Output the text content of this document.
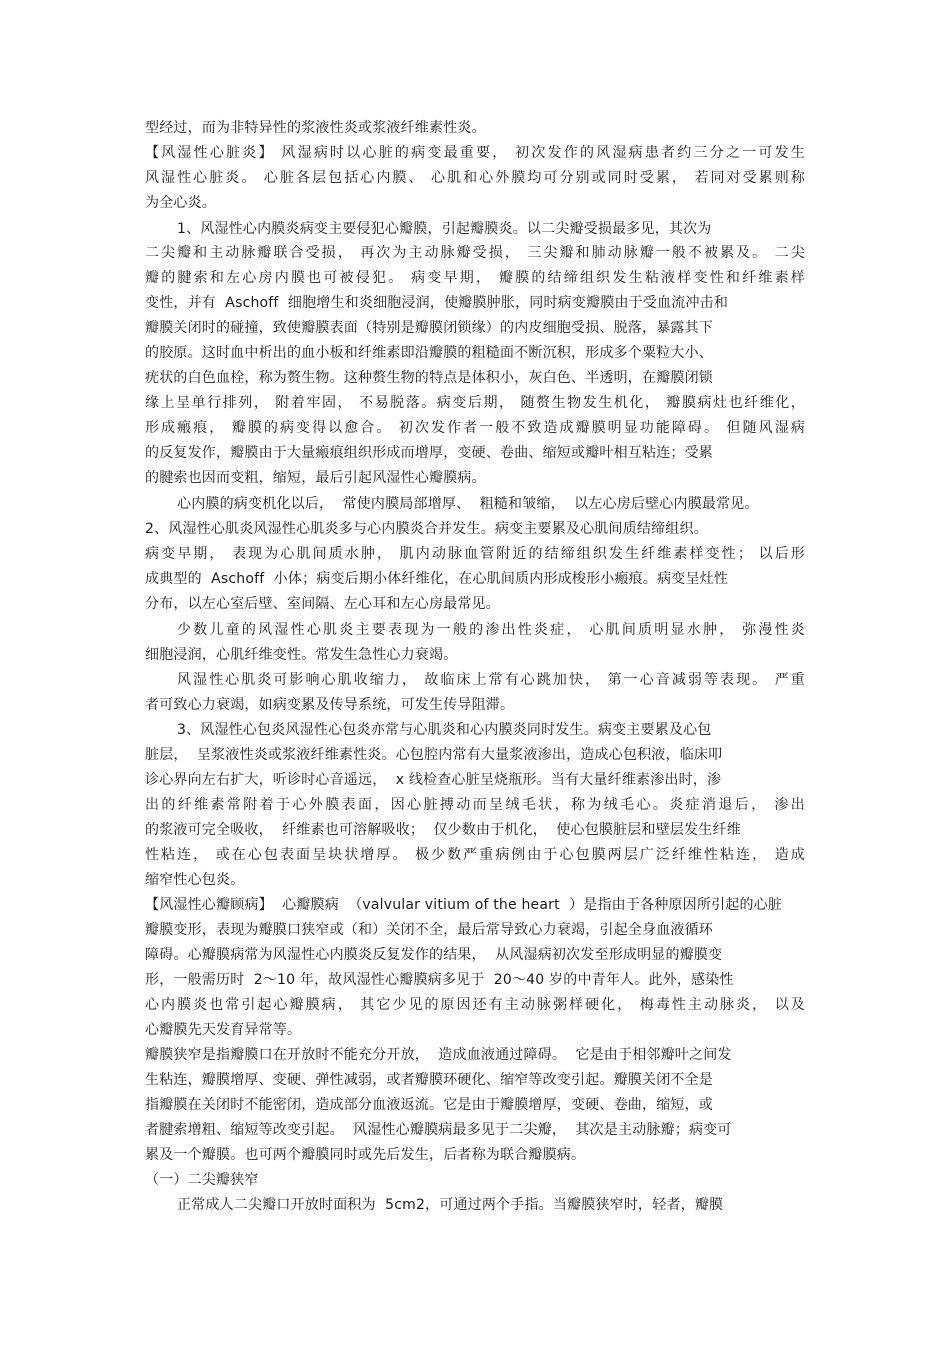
型经过，而为非特异性的浆液性炎或浆液纤维素性炎。
【风湿性心脏炎】 风湿病时以心脏的病变最重要， 初次发作的风湿病患者约三分之一可发生
风湿性心脏炎。 心脏各层包括心内膜、 心肌和心外膜均可分别或同时受累， 若同对受累则称
为全心炎。
1、风湿性心内膜炎病变主要侵犯心瓣膜，引起瓣膜炎。以二尖瓣受损最多见，其次为
二尖瓣和主动脉瓣联合受损， 再次为主动脉瓣受损， 三尖瓣和肺动脉瓣一般不被累及。 二尖
瓣的腱索和左心房内膜也可被侵犯。 病变早期， 瓣膜的结缔组织发生粘液样变性和纤维素样
变性，并有  Aschoff  细胞增生和炎细胞浸润，使瓣膜肿胀，同时病变瓣膜由于受血流冲击和
瓣膜关闭时的碰撞，致使瓣膜表面（特别是瓣膜闭锁缘）的内皮细胞受损、脱落，暴露其下
的胶原。这时血中析出的血小板和纤维素即沿瓣膜的粗糙面不断沉积，形成多个粟粒大小、
疣状的白色血栓，称为赘生物。这种赘生物的特点是体积小，灰白色、半透明，在瓣膜闭锁
缘上呈单行排列， 附着牢固， 不易脱落。病变后期， 随赘生物发生机化， 瓣膜病灶也纤维化，
形成瘢痕， 瓣膜的病变得以愈合。 初次发作者一般不致造成瓣膜明显功能障碍。 但随风湿病
的反复发作，瓣膜由于大量瘢痕组织形成而增厚，变硬、卷曲、缩短或瓣叶相互粘连；受累
的腱索也因而变粗，缩短，最后引起风湿性心瓣膜病。
心内膜的病变机化以后，  常使内膜局部增厚、  粗糙和皱缩，  以左心房后壁心内膜最常见。
2、风湿性心肌炎风湿性心肌炎多与心内膜炎合并发生。病变主要累及心肌间质结缔组织。
病变早期， 表现为心肌间质水肿， 肌内动脉血管附近的结缔组织发生纤维素样变性； 以后形
成典型的  Aschoff  小体；病变后期小体纤维化，在心肌间质内形成梭形小瘢痕。病变呈灶性
分布，以左心室后壁、室间隔、左心耳和左心房最常见。
少数儿童的风湿性心肌炎主要表现为一般的渗出性炎症， 心肌间质明显水肿， 弥漫性炎
细胞浸润，心肌纤维变性。常发生急性心力衰竭。
风湿性心肌炎可影响心肌收缩力， 故临床上常有心跳加快， 第一心音减弱等表现。 严重
者可致心力衰竭，如病变累及传导系统，可发生传导阻滞。
3、风湿性心包炎风湿性心包炎亦常与心肌炎和心内膜炎同时发生。病变主要累及心包
脏层，  呈浆液性炎或浆液纤维素性炎。心包腔内常有大量浆液渗出，造成心包积液，临床叩
诊心界向左右扩大，听诊时心音遥远，  x 线检查心脏呈烧瓶形。当有大量纤维素渗出时，渗
出的纤维素常附着于心外膜表面，因心脏搏动而呈绒毛状，称为绒毛心。炎症消退后， 渗出
的浆液可完全吸收，  纤维素也可溶解吸收；  仅少数由于机化，  使心包膜脏层和壁层发生纤维
性粘连， 或在心包表面呈块状增厚。 极少数严重病例由于心包膜两层广泛纤维性粘连， 造成
缩窄性心包炎。
【风湿性心瓣顾病】  心瓣膜病  （valvular vitium of the heart  ）是指由于各种原因所引起的心脏
瓣膜变形，表现为瓣膜口狭窄或（和）关闭不全，最后常导致心力衰竭，引起全身血液循环
障碍。心瓣膜病常为风湿性心内膜炎反复发作的结果，  从风湿病初次发至形成明显的瓣膜变
形，一般需历时  2～10 年，故风湿性心瓣膜病多见于  20～40 岁的中青年人。此外，感染性
心内膜炎也常引起心瓣膜病， 其它少见的原因还有主动脉粥样硬化， 梅毒性主动脉炎， 以及
心瓣膜先天发育异常等。
瓣膜狭窄是指瓣膜口在开放时不能充分开放，  造成血液通过障碍。  它是由于相邻瓣叶之间发
生粘连，瓣膜增厚、变硬、弹性减弱，或者瓣膜环硬化、缩窄等改变引起。瓣膜关闭不全是
指瓣膜在关闭时不能密闭，造成部分血液返流。它是由于瓣膜增厚，变硬、卷曲，缩短，或
者腱索增粗、缩短等改变引起。  风湿性心瓣膜病最多见于二尖瓣，  其次是主动脉瓣；病变可
累及一个瓣膜。也可两个瓣膜同时或先后发生，后者称为联合瓣膜病。
（一）二尖瓣狭窄
正常成人二尖瓣口开放时面积为  5cm2，可通过两个手指。当瓣膜狭窄时，轻者，瓣膜
